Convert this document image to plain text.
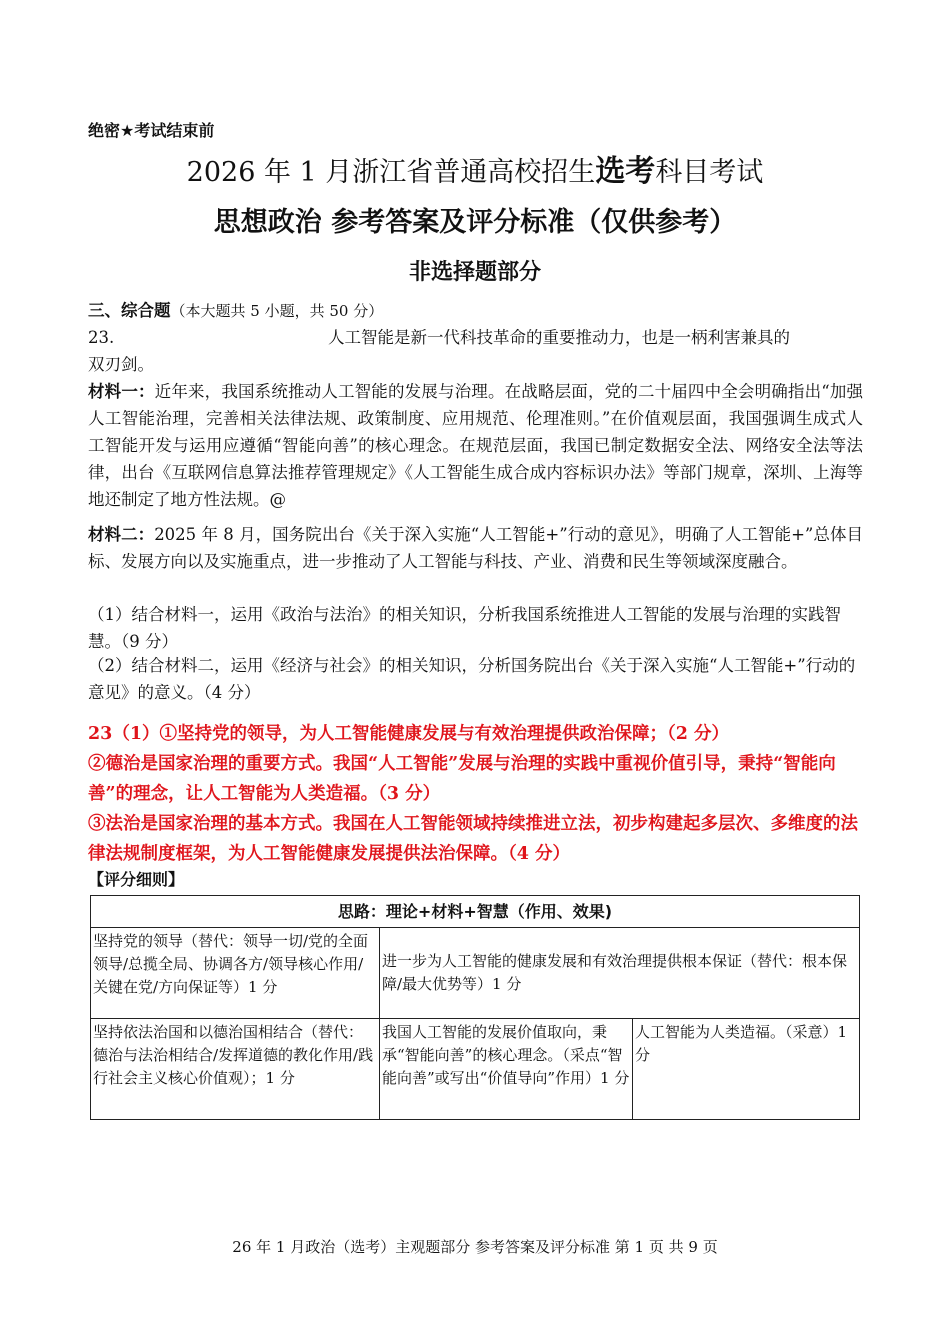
绝密★考试结束前
2026 年 1 月浙江省普通高校招生选考科目考试
思想政治 参考答案及评分标准（仅供参考）
非选择题部分
三、综合题（本大题共 5 小题，共 50 分）
23.	人工智能是新一代科技革命的重要推动力，也是一柄利害兼具的
双刃剑。
材料一：近年来，我国系统推动人工智能的发展与治理。在战略层面，党的二十届四中全会明确指出“加强人工智能治理，完善相关法律法规、政策制度、应用规范、伦理准则。”在价值观层面，我国强调生成式人工智能开发与运用应遵循“智能向善”的核心理念。在规范层面，我国已制定数据安全法、网络安全法等法律，出台《互联网信息算法推荐管理规定》《人工智能生成合成内容标识办法》等部门规章，深圳、上海等地还制定了地方性法规。@
材料二：2025 年 8 月，国务院出台《关于深入实施“人工智能+”行动的意见》，明确了人工智能+”总体目标、发展方向以及实施重点，进一步推动了人工智能与科技、产业、消费和民生等领域深度融合。
（1）结合材料一，运用《政治与法治》的相关知识，分析我国系统推进人工智能的发展与治理的实践智慧。（9 分）
（2）结合材料二，运用《经济与社会》的相关知识，分析国务院出台《关于深入实施“人工智能+”行动的意见》的意义。（4 分）
23（1）①坚持党的领导，为人工智能健康发展与有效治理提供政治保障；（2 分）
②德治是国家治理的重要方式。我国“人工智能”发展与治理的实践中重视价值引导，秉持“智能向善”的理念，让人工智能为人类造福。（3 分）
③法治是国家治理的基本方式。我国在人工智能领域持续推进立法，初步构建起多层次、多维度的法律法规制度框架，为人工智能健康发展提供法治保障。（4 分）
【评分细则】
思路：理论+材料+智慧（作用、效果)		
坚持党的领导（替代：领导一切/党的全面领导/总揽全局、协调各方/领导核心作用/关键在党/方向保证等）1 分	进一步为人工智能的健康发展和有效治理提供根本保证（替代：根本保障/最大优势等）1 分	
坚持依法治国和以德治国相结合（替代：德治与法治相结合/发挥道德的教化作用/践行社会主义核心价值观）；1 分	我国人工智能的发展价值取向，秉承“智能向善”的核心理念。（采点“智能向善”或写出“价值导向”作用）1 分	人工智能为人类造福。（采意）1 分
26 年 1 月政治（选考）主观题部分 参考答案及评分标准 第 1 页 共 9 页
